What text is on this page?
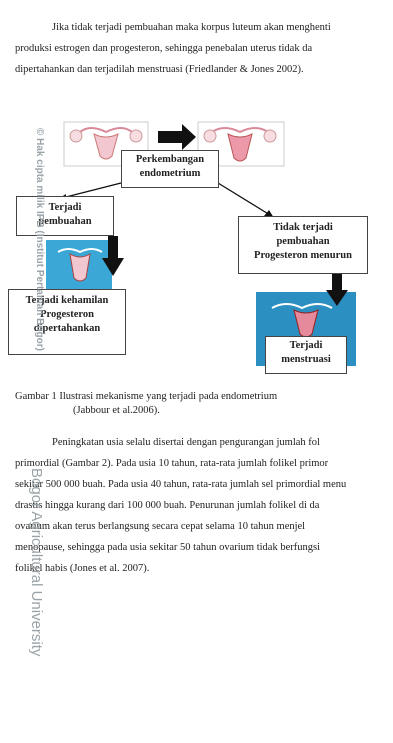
Jika tidak terjadi pembuahan maka korpus luteum akan menghenti
produksi estrogen dan progesteron, sehingga penebalan uterus tidak da
dipertahankan dan terjadilah menstruasi (Friedlander & Jones 2002).
Perkembangan
endometrium
Terjadi
pembuahan
Tidak terjadi
pembuahan
Progesteron menurun
Terjadi kehamilan
Progesteron
dipertahankan
Terjadi
menstruasi
Gambar 1 Ilustrasi mekanisme yang terjadi pada endometrium
(Jabbour et al.2006).
Peningkatan usia selalu disertai dengan pengurangan jumlah fol
primordial (Gambar 2). Pada usia 10 tahun, rata-rata jumlah folikel primor
sekitar 500 000 buah. Pada usia 40 tahun, rata-rata jumlah sel primordial menu
drastis hingga kurang dari 100 000 buah. Penurunan jumlah folikel di da
ovarium akan terus berlangsung secara cepat selama 10 tahun menjel
menopause, sehingga pada usia sekitar 50 tahun ovarium tidak berfungsi
folikel habis (Jones et al. 2007).
© Hak cipta milik IPB (Institut Pertanian Bogor)
Bogor Agricultural University
